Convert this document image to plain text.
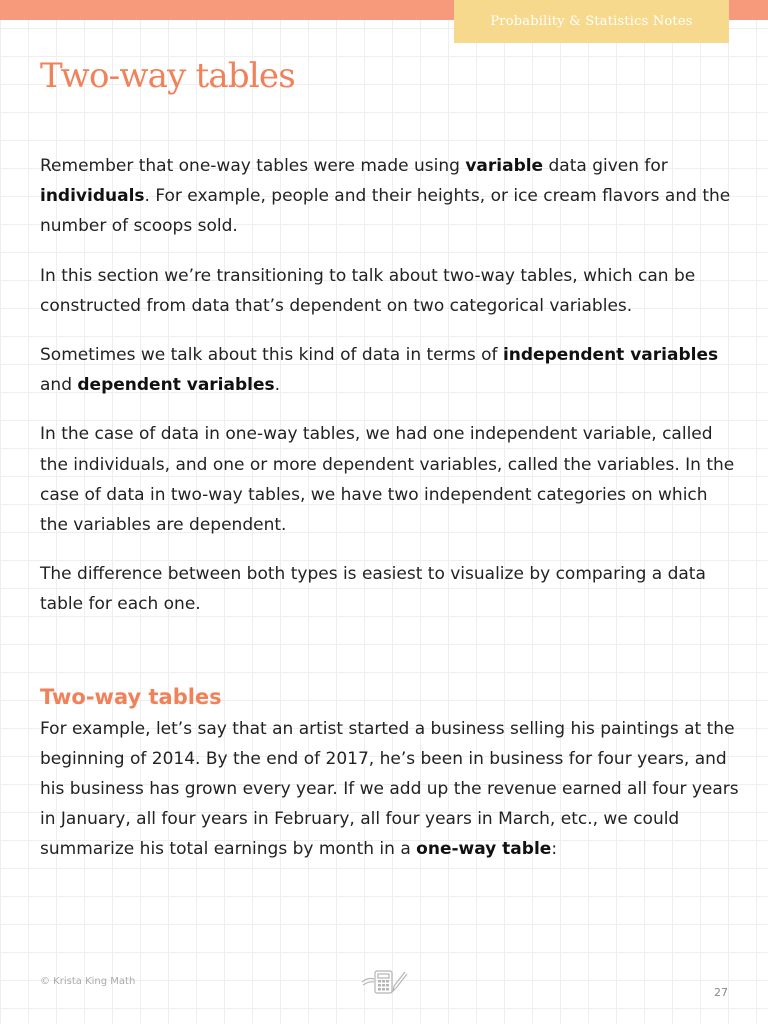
Probability & Statistics Notes
Two-way tables

Remember that one-way tables were made using variable data given for individuals. For example, people and their heights, or ice cream flavors and the number of scoops sold.

In this section we’re transitioning to talk about two-way tables, which can be constructed from data that’s dependent on two categorical variables.

Sometimes we talk about this kind of data in terms of independent variables and dependent variables.

In the case of data in one-way tables, we had one independent variable, called the individuals, and one or more dependent variables, called the variables. In the case of data in two-way tables, we have two independent categories on which the variables are dependent.

The difference between both types is easiest to visualize by comparing a data table for each one.

Two-way tables

For example, let’s say that an artist started a business selling his paintings at the beginning of 2014. By the end of 2017, he’s been in business for four years, and his business has grown every year. If we add up the revenue earned all four years in January, all four years in February, all four years in March, etc., we could summarize his total earnings by month in a one-way table:

© Krista King Math
27
